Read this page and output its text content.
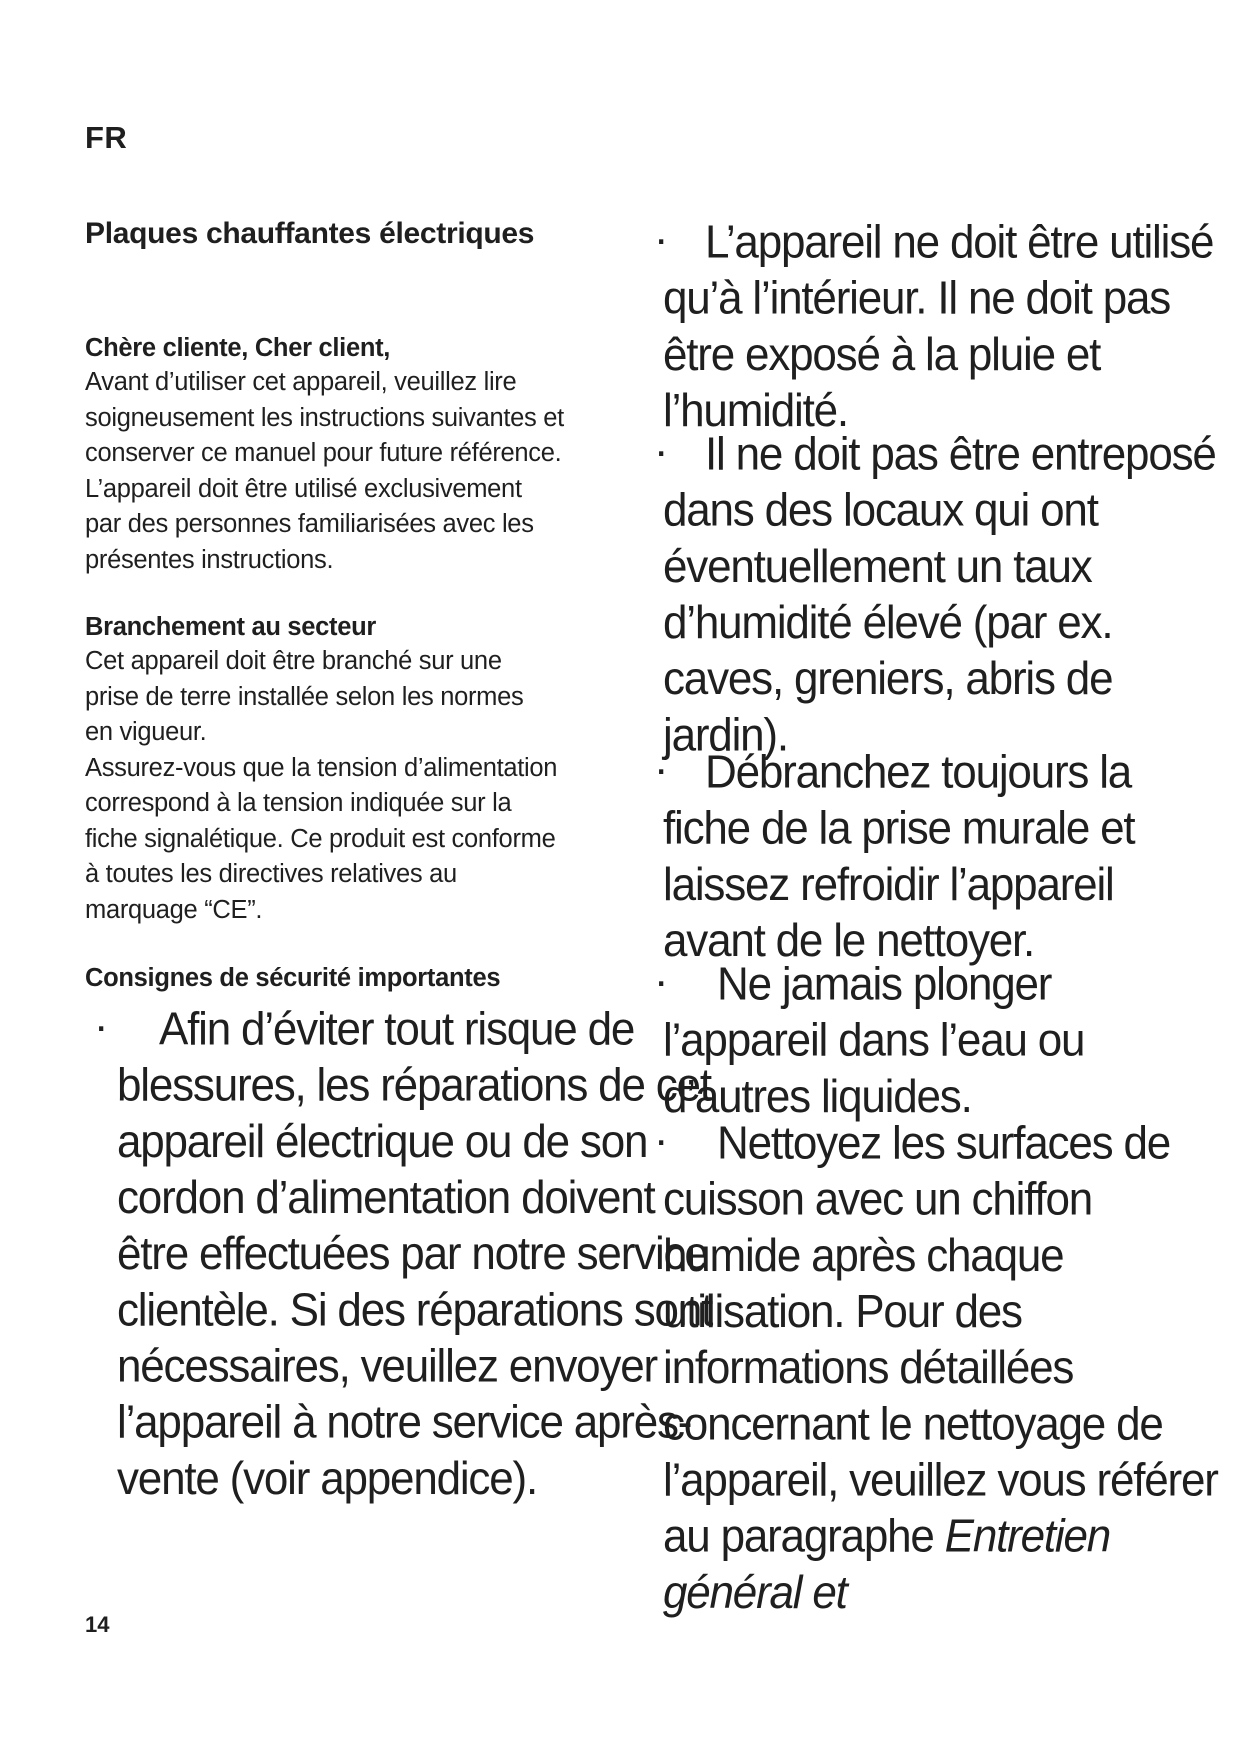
FR
Plaques chauffantes électriques

Chère cliente, Cher client,

Avant d’utiliser cet appareil, veuillez lire
soigneusement les instructions suivantes et
conserver ce manuel pour future référence.
L’appareil doit être utilisé exclusivement
par des personnes familiarisées avec les
présentes instructions.

Branchement au secteur

Cet appareil doit être branché sur une
prise de terre installée selon les normes
en vigueur.
Assurez-vous que la tension d’alimentation
correspond à la tension indiquée sur la
fiche signalétique. Ce produit est conforme
à toutes les directives relatives au
marquage “CE”.

Consignes de sécurité importantes

· Afin d’éviter tout risque de blessures, les réparations de cet appareil électrique ou de son cordon d’alimentation doivent être effectuées par notre service clientèle. Si des réparations sont nécessaires, veuillez envoyer l’appareil à notre service après-vente (voir appendice).
· L’appareil ne doit être utilisé qu’à l’intérieur. Il ne doit pas être exposé à la pluie et l’humidité.
· Il ne doit pas être entreposé dans des locaux qui ont éventuellement un taux d’humidité élevé (par ex. caves, greniers, abris de jardin).
· Débranchez toujours la fiche de la prise murale et laissez refroidir l’appareil avant de le nettoyer.
· Ne jamais plonger l’appareil dans l’eau ou d’autres liquides.
· Nettoyez les surfaces de cuisson avec un chiffon humide après chaque utilisation. Pour des informations détaillées concernant le nettoyage de l’appareil, veuillez vous référer au paragraphe Entretien général et
14
